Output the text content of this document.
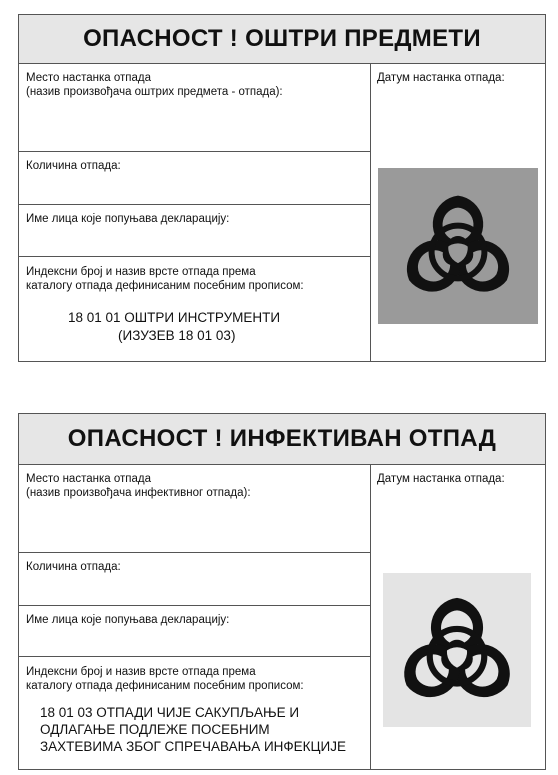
ОПАСНОСТ ! ОШТРИ ПРЕДМЕТИ
Место настанка отпада
(назив произвођача оштрих предмета - отпада):
Датум настанка отпада:
Количина отпада:
Име лица које попуњава декларацију:
Индексни број и назив врсте отпада према
каталогу отпада дефинисаним посебним прописом:
18 01 01 ОШТРИ ИНСТРУМЕНТИ
(ИЗУЗЕВ 18 01 03)
ОПАСНОСТ ! ИНФЕКТИВАН ОТПАД
Место настанка отпада
(назив произвођача инфективног отпада):
Датум настанка отпада:
Количина отпада:
Име лица које попуњава декларацију:
Индексни број и назив врсте отпада према
каталогу отпада дефинисаним посебним прописом:
18 01 03 ОТПАДИ ЧИЈЕ САКУПЉАЊЕ И
ОДЛАГАЊЕ ПОДЛЕЖЕ ПОСЕБНИМ
ЗАХТЕВИМА ЗБОГ СПРЕЧАВАЊА ИНФЕКЦИЈЕ
